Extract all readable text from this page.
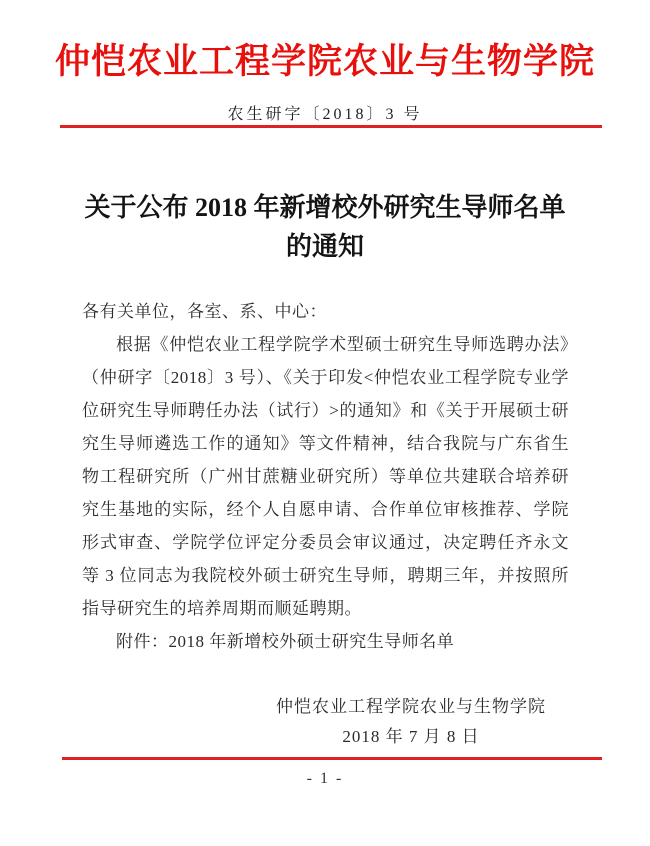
仲恺农业工程学院农业与生物学院
农生研字〔2018〕3 号
关于公布 2018 年新增校外研究生导师名单
的通知

各有关单位，各室、系、中心：

根据《仲恺农业工程学院学术型硕士研究生导师选聘办法》（仲研字〔2018〕3 号）、《关于印发<仲恺农业工程学院专业学位研究生导师聘任办法（试行）>的通知》和《关于开展硕士研究生导师遴选工作的通知》等文件精神，结合我院与广东省生物工程研究所（广州甘蔗糖业研究所）等单位共建联合培养研究生基地的实际，经个人自愿申请、合作单位审核推荐、学院形式审查、学院学位评定分委员会审议通过，决定聘任齐永文等 3 位同志为我院校外硕士研究生导师，聘期三年，并按照所指导研究生的培养周期而顺延聘期。

附件：2018 年新增校外硕士研究生导师名单

仲恺农业工程学院农业与生物学院
2018 年 7 月 8 日
- 1 -
